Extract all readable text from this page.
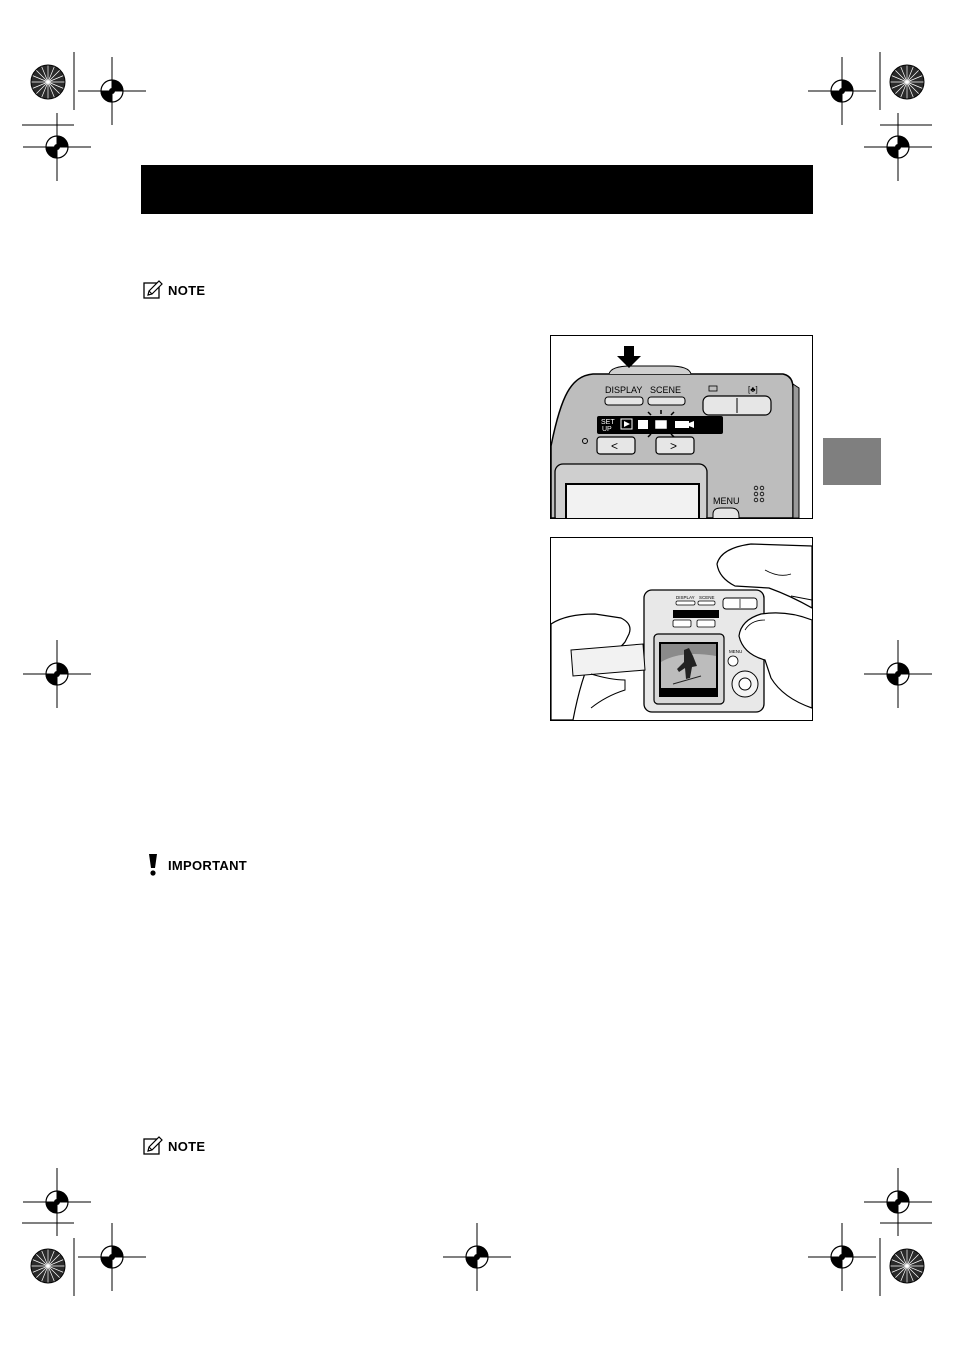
NOTE
IMPORTANT
NOTE
DISPLAY SCENE	[♣]
SET
UP
<	>
MENU
DISPLAY SCENE
MENU
